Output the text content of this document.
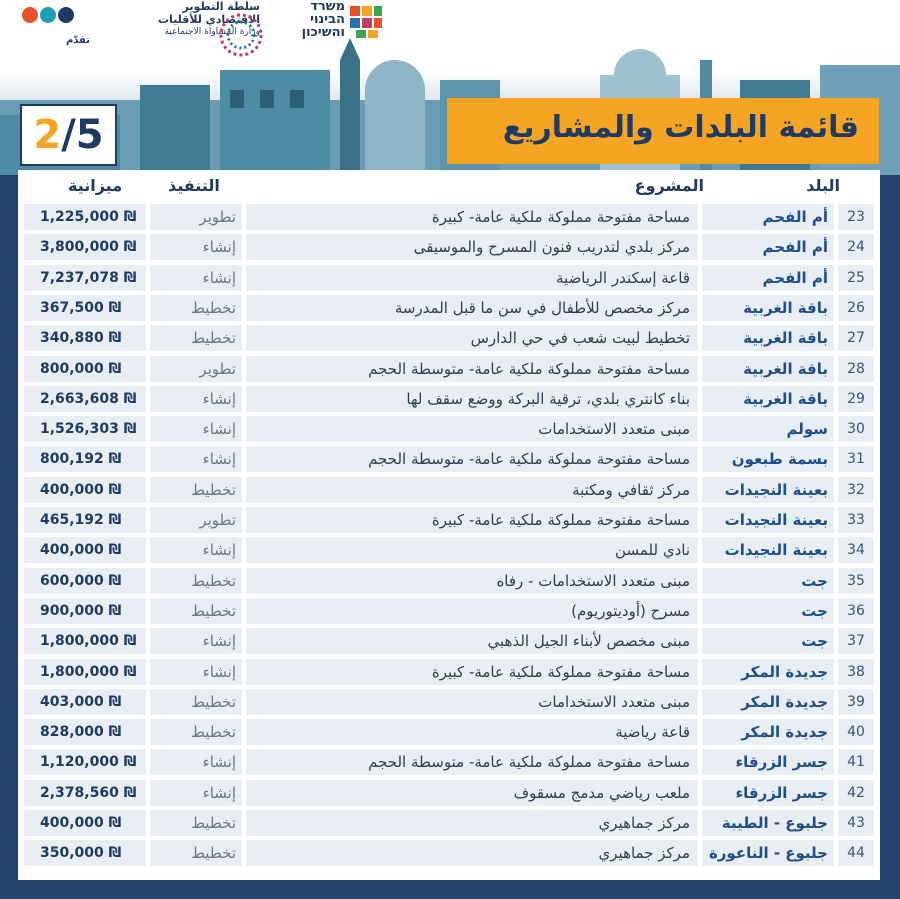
تقدّم
سلطة التطوير
الاقتصادي للأقليات
وزارة المساواة الاجتماعية
משרד הבינוי והשיכון
قائمة البلدات والمشاريع
2/5
البلد
المشروع
التنفيذ
ميزانية
23
أم الفحم
مساحة مفتوحة مملوكة ملكية عامة- كبيرة
تطوير
1,225,000 ₪
24
أم الفحم
مركز بلدي لتدريب فنون المسرح والموسيقى
إنشاء
3,800,000 ₪
25
أم الفحم
قاعة إسكندر الرياضية
إنشاء
7,237,078 ₪
26
باقة الغربية
مركز مخصص للأطفال في سن ما قبل المدرسة
تخطيط
367,500 ₪
27
باقة الغربية
تخطيط لبيت شعب في حي الدارس
تخطيط
340,880 ₪
28
باقة الغربية
مساحة مفتوحة مملوكة ملكية عامة- متوسطة الحجم
تطوير
800,000 ₪
29
باقة الغربية
بناء كانتري بلدي، ترقية البركة ووضع سقف لها
إنشاء
2,663,608 ₪
30
سولم
مبنى متعدد الاستخدامات
إنشاء
1,526,303 ₪
31
بسمة طبعون
مساحة مفتوحة مملوكة ملكية عامة- متوسطة الحجم
إنشاء
800,192 ₪
32
بعينة النجيدات
مركز ثقافي ومكتبة
تخطيط
400,000 ₪
33
بعينة النجيدات
مساحة مفتوحة مملوكة ملكية عامة- كبيرة
تطوير
465,192 ₪
34
بعينة النجيدات
نادي للمسن
إنشاء
400,000 ₪
35
جت
مبنى متعدد الاستخدامات - رفاه
تخطيط
600,000 ₪
36
جت
مسرح (أوديتوريوم)
تخطيط
900,000 ₪
37
جت
مبنى مخصص لأبناء الجيل الذهبي
إنشاء
1,800,000 ₪
38
جديدة المكر
مساحة مفتوحة مملوكة ملكية عامة- كبيرة
إنشاء
1,800,000 ₪
39
جديدة المكر
مبنى متعدد الاستخدامات
تخطيط
403,000 ₪
40
جديدة المكر
قاعة رياضية
تخطيط
828,000 ₪
41
جسر الزرقاء
مساحة مفتوحة مملوكة ملكية عامة- متوسطة الحجم
إنشاء
1,120,000 ₪
42
جسر الزرقاء
ملعب رياضي مدمج مسقوف
إنشاء
2,378,560 ₪
43
جلبوع - الطيبة
مركز جماهيري
تخطيط
400,000 ₪
44
جلبوع - الناعورة
مركز جماهيري
تخطيط
350,000 ₪
